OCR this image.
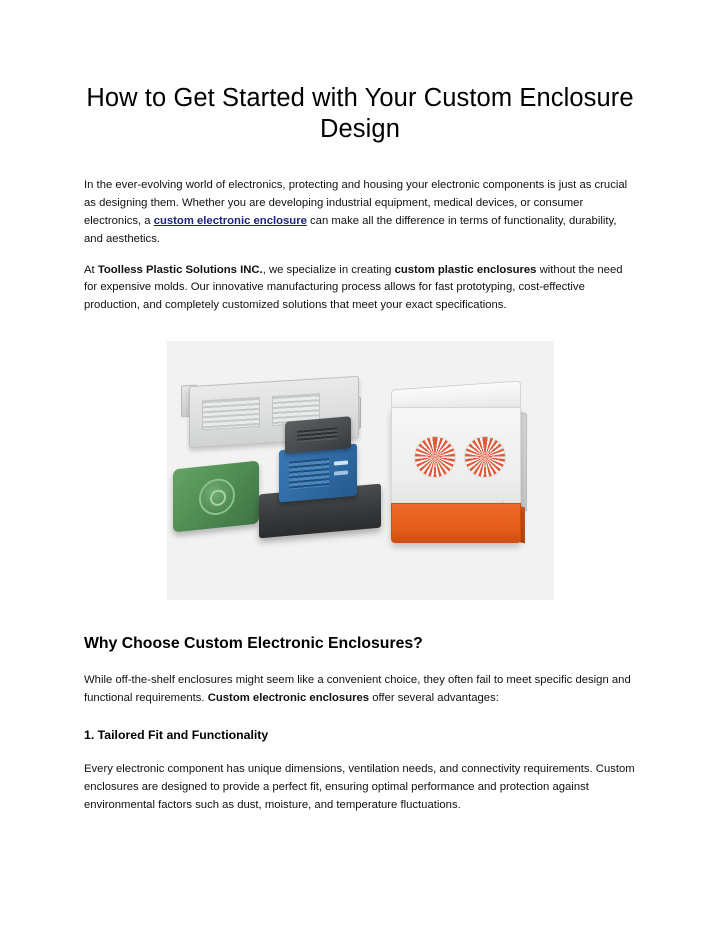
How to Get Started with Your Custom Enclosure Design

In the ever-evolving world of electronics, protecting and housing your electronic components is just as crucial as designing them. Whether you are developing industrial equipment, medical devices, or consumer electronics, a custom electronic enclosure can make all the difference in terms of functionality, durability, and aesthetics.

At Toolless Plastic Solutions INC., we specialize in creating custom plastic enclosures without the need for expensive molds. Our innovative manufacturing process allows for fast prototyping, cost-effective production, and completely customized solutions that meet your exact specifications.

Why Choose Custom Electronic Enclosures?

While off-the-shelf enclosures might seem like a convenient choice, they often fail to meet specific design and functional requirements. Custom electronic enclosures offer several advantages:

1. Tailored Fit and Functionality

Every electronic component has unique dimensions, ventilation needs, and connectivity requirements. Custom enclosures are designed to provide a perfect fit, ensuring optimal performance and protection against environmental factors such as dust, moisture, and temperature fluctuations.
